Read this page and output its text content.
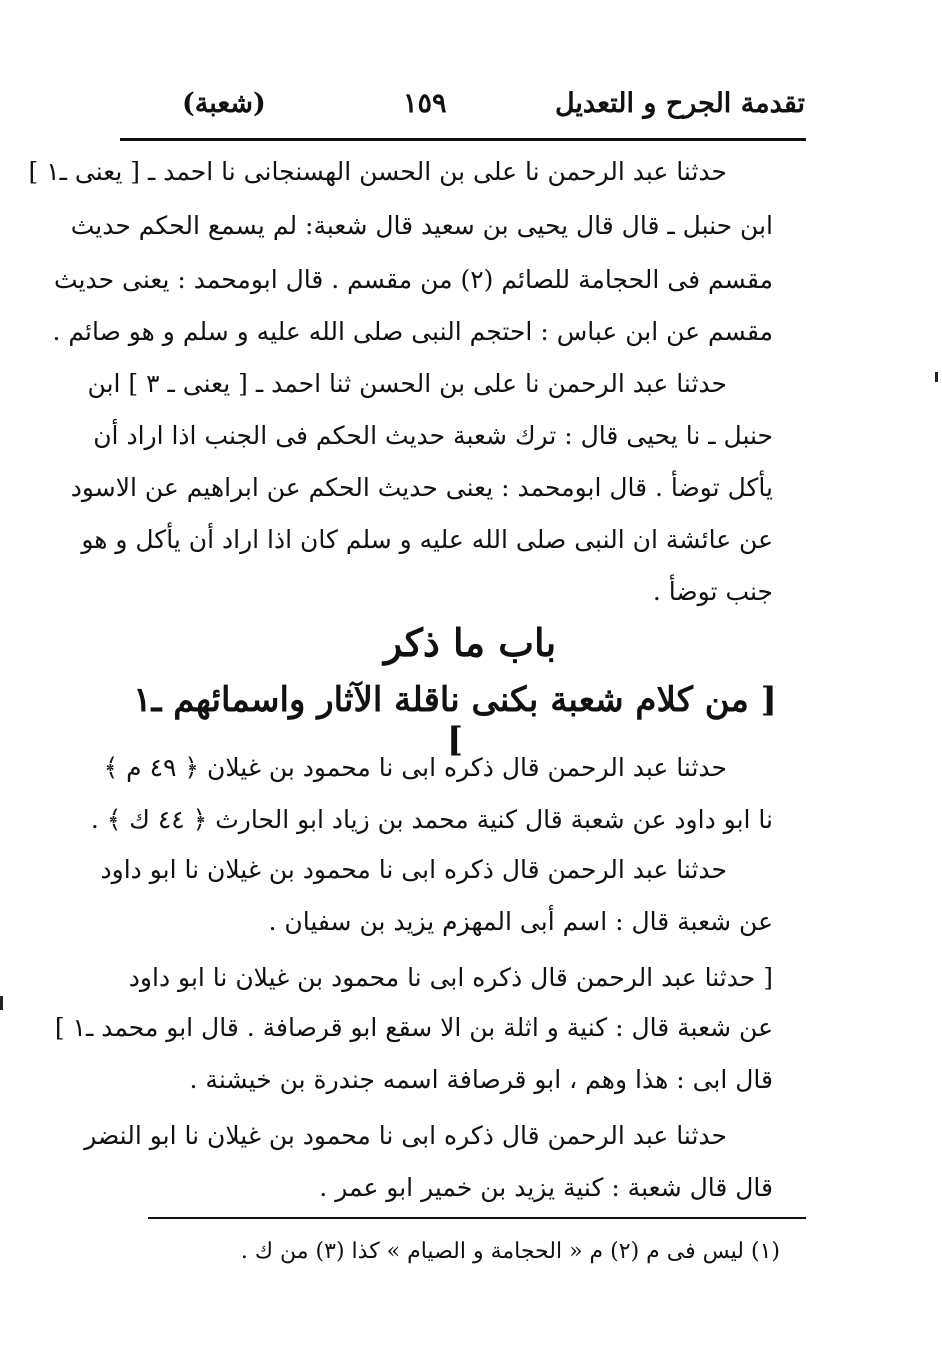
تقدمة الجرح و التعديل
١٥٩
(شعبة)
حدثنا عبد الرحمن نا على بن الحسن الهسنجانى نا احمد ـ [ يعنى ـ١ ]
ابن حنبل ـ قال قال يحيى بن سعيد قال شعبة: لم يسمع الحكم حديث
مقسم فى الحجامة للصائم (٢) من مقسم . قال ابومحمد : يعنى حديث
مقسم عن ابن عباس : احتجم النبى صلى الله عليه و سلم و هو صائم .
حدثنا عبد الرحمن نا على بن الحسن ثنا احمد ـ [ يعنى ـ ٣ ] ابن
حنبل ـ نا يحيى قال : ترك شعبة حديث الحكم فى الجنب اذا اراد أن
يأكل توضأ . قال ابومحمد : يعنى حديث الحكم عن ابراهيم عن الاسود
عن عائشة ان النبى صلى الله عليه و سلم كان اذا اراد أن يأكل و هو
جنب توضأ .
باب ما ذكر
[ من كلام شعبة بكنى ناقلة الآثار واسمائهم ـ١ ]
حدثنا عبد الرحمن قال ذكره ابى نا محمود بن غيلان ﴿ ٤٩ م ﴾
نا ابو داود عن شعبة قال كنية محمد بن زياد ابو الحارث ﴿ ٤٤ ك ﴾ .
حدثنا عبد الرحمن قال ذكره ابى نا محمود بن غيلان نا ابو داود
عن شعبة قال : اسم أبى المهزم يزيد بن سفيان .
[ حدثنا عبد الرحمن قال ذكره ابى نا محمود بن غيلان نا ابو داود
عن شعبة قال : كنية و اثلة بن الا سقع ابو قرصافة . قال ابو محمد ـ١ ]
قال ابى : هذا وهم ، ابو قرصافة اسمه جندرة بن خيشنة .
حدثنا عبد الرحمن قال ذكره ابى نا محمود بن غيلان نا ابو النضر
قال قال شعبة : كنية يزيد بن خمير ابو عمر .
(١) ليس فى م (٢) م « الحجامة و الصيام » كذا (٣) من ك .
